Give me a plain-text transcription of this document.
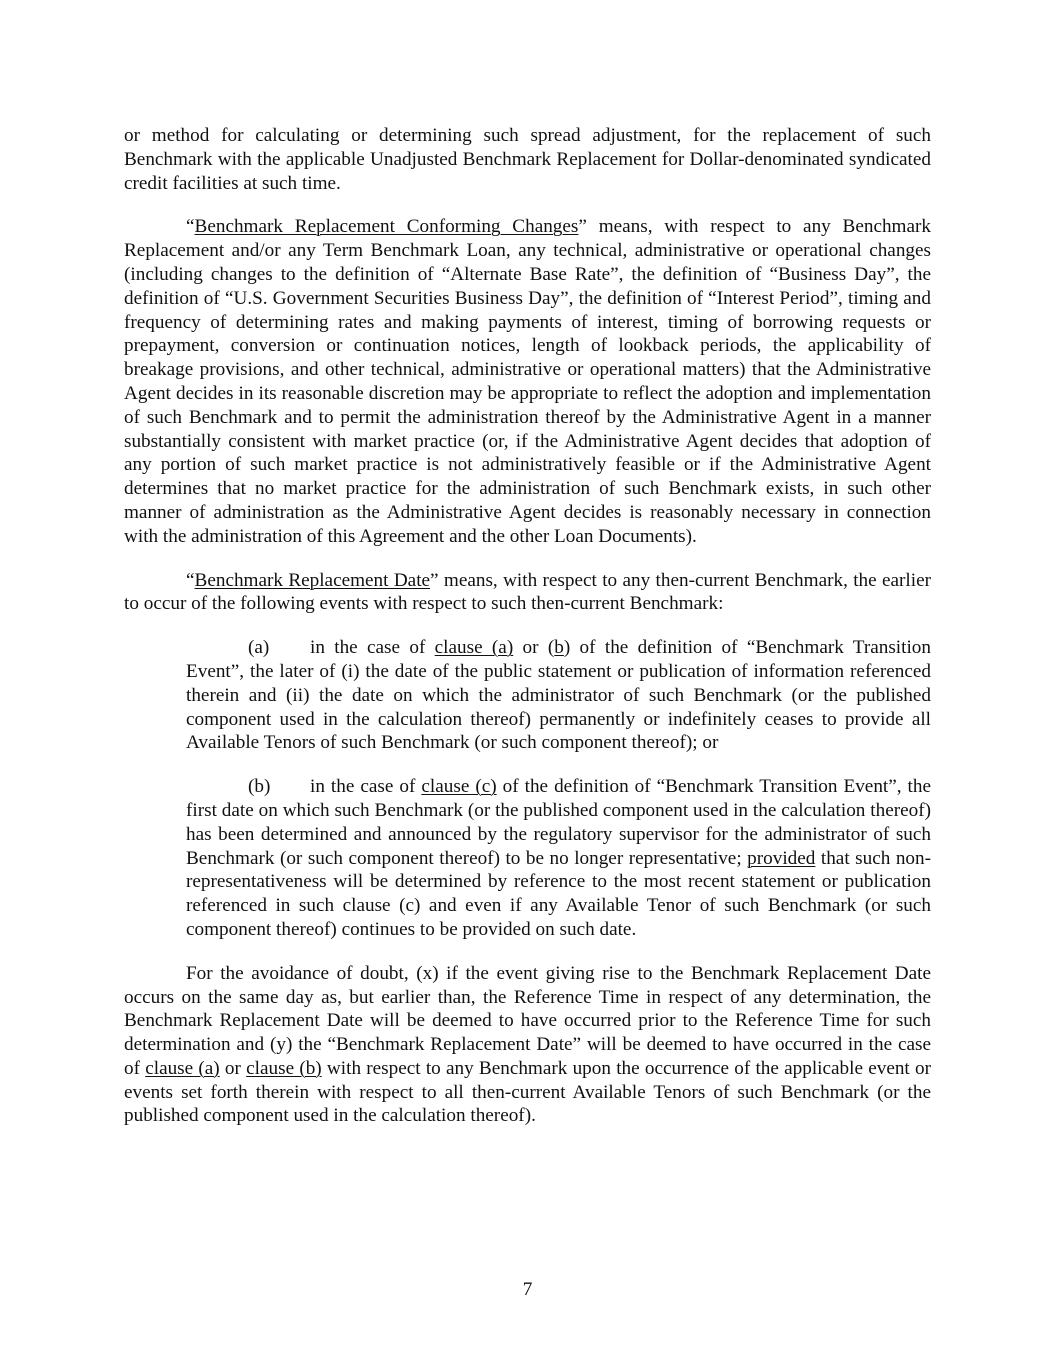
or method for calculating or determining such spread adjustment, for the replacement of such Benchmark with the applicable Unadjusted Benchmark Replacement for Dollar-denominated syndicated credit facilities at such time.

“Benchmark Replacement Conforming Changes” means, with respect to any Benchmark Replacement and/or any Term Benchmark Loan, any technical, administrative or operational changes (including changes to the definition of “Alternate Base Rate”, the definition of “Business Day”, the definition of “U.S. Government Securities Business Day”, the definition of “Interest Period”, timing and frequency of determining rates and making payments of interest, timing of borrowing requests or prepayment, conversion or continuation notices, length of lookback periods, the applicability of breakage provisions, and other technical, administrative or operational matters) that the Administrative Agent decides in its reasonable discretion may be appropriate to reflect the adoption and implementation of such Benchmark and to permit the administration thereof by the Administrative Agent in a manner substantially consistent with market practice (or, if the Administrative Agent decides that adoption of any portion of such market practice is not administratively feasible or if the Administrative Agent determines that no market practice for the administration of such Benchmark exists, in such other manner of administration as the Administrative Agent decides is reasonably necessary in connection with the administration of this Agreement and the other Loan Documents).

“Benchmark Replacement Date” means, with respect to any then-current Benchmark, the earlier to occur of the following events with respect to such then-current Benchmark:

(a) in the case of clause (a) or (b) of the definition of “Benchmark Transition Event”, the later of (i) the date of the public statement or publication of information referenced therein and (ii) the date on which the administrator of such Benchmark (or the published component used in the calculation thereof) permanently or indefinitely ceases to provide all Available Tenors of such Benchmark (or such component thereof); or

(b) in the case of clause (c) of the definition of “Benchmark Transition Event”, the first date on which such Benchmark (or the published component used in the calculation thereof) has been determined and announced by the regulatory supervisor for the administrator of such Benchmark (or such component thereof) to be no longer representative; provided that such non-representativeness will be determined by reference to the most recent statement or publication referenced in such clause (c) and even if any Available Tenor of such Benchmark (or such component thereof) continues to be provided on such date.

For the avoidance of doubt, (x) if the event giving rise to the Benchmark Replacement Date occurs on the same day as, but earlier than, the Reference Time in respect of any determination, the Benchmark Replacement Date will be deemed to have occurred prior to the Reference Time for such determination and (y) the “Benchmark Replacement Date” will be deemed to have occurred in the case of clause (a) or clause (b) with respect to any Benchmark upon the occurrence of the applicable event or events set forth therein with respect to all then-current Available Tenors of such Benchmark (or the published component used in the calculation thereof).

7
